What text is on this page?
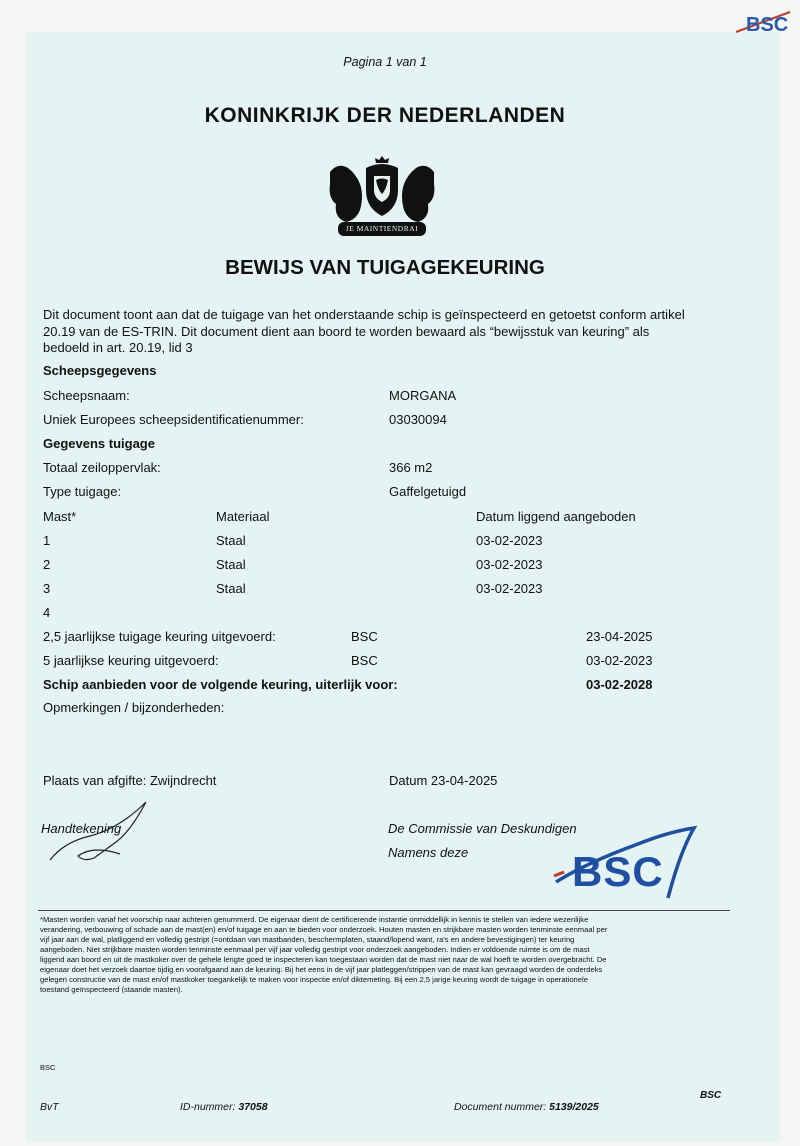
BSC
Pagina 1 van 1
KONINKRIJK DER NEDERLANDEN
JE MAINTIENDRAI
BEWIJS VAN TUIGAGEKEURING
Dit document toont aan dat de tuigage van het onderstaande schip is geïnspecteerd en getoetst conform artikel
20.19 van de ES-TRIN. Dit document dient aan boord te worden bewaard als “bewijsstuk van keuring” als
bedoeld in art. 20.19, lid 3
Scheepsgegevens
Scheepsnaam:	MORGANA
Uniek Europees scheepsidentificatienummer:	03030094
Gegevens tuigage
Totaal zeiloppervlak:	366 m2
Type tuigage:	Gaffelgetuigd
Mast*	Materiaal	Datum liggend aangeboden
1	Staal	03-02-2023
2	Staal	03-02-2023
3	Staal	03-02-2023
4
2,5 jaarlijkse tuigage keuring uitgevoerd:	BSC	23-04-2025
5 jaarlijkse keuring uitgevoerd:	BSC	03-02-2023
Schip aanbieden voor de volgende keuring, uiterlijk voor:	03-02-2028
Opmerkingen / bijzonderheden:
Plaats van afgifte: Zwijndrecht	Datum 23-04-2025
Handtekening	De Commissie van Deskundigen
Namens deze BSC
*Masten worden vanaf het voorschip naar achteren genummerd. De eigenaar dient de certificerende instantie onmiddellijk in kennis te stellen van iedere wezenlijke
verandering, verbouwing of schade aan de mast(en) en/of tuigage en aan te bieden voor onderzoek. Houten masten en strijkbare masten worden tenminste eenmaal per
vijf jaar aan de wal, platliggend en volledig gestript (=ontdaan van mastbanden, beschermplaten, staand/lopend want, ra's en andere bevestigingen) ter keuring
aangeboden. Niet strijkbare masten worden tenminste eenmaal per vijf jaar volledig gestript voor onderzoek aangeboden. Indien er voldoende ruimte is om de mast
liggend aan boord en uit de mastkoker over de gehele lengte goed te inspecteren kan toegestaan worden dat de mast niet naar de wal hoeft te worden overgebracht. De
eigenaar doet het verzoek daartoe tijdig en voorafgaand aan de keuring. Bij het eens in de vijf jaar platleggen/strippen van de mast kan gevraagd worden de onderdeks
gelegen constructie van de mast en/of mastkoker toegankelijk te maken voor inspectie en/of diktemeting. Bij een 2,5 jarige keuring wordt de tuigage in operationele
toestand geïnspecteerd (staande masten).
BSC
BSC
BvT	ID-nummer: 37058	Document nummer: 5139/2025
